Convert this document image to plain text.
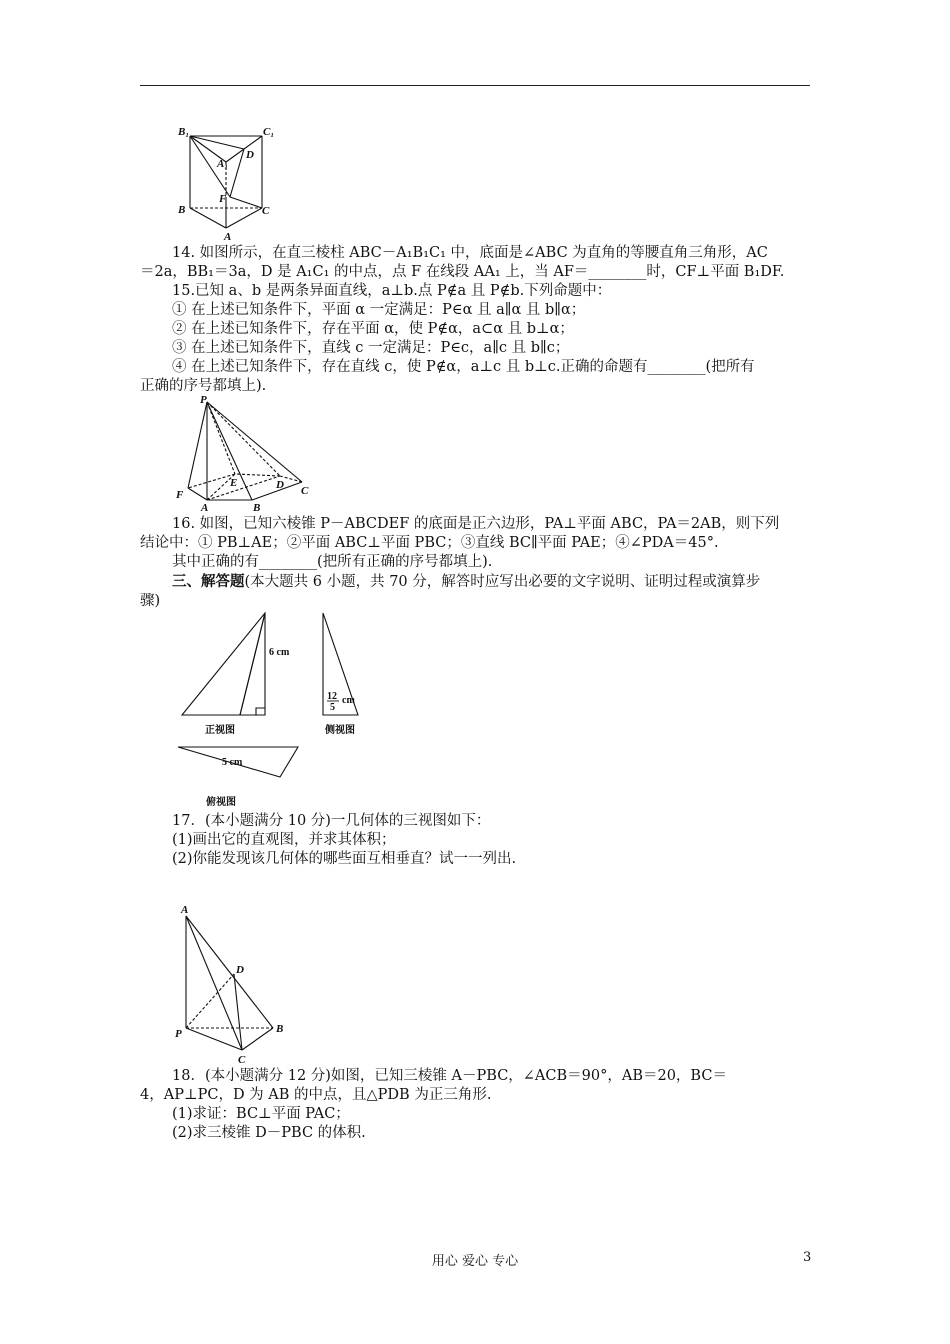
B₁	C₁
A₁
D
F
B	C
A
14. 如图所示，在直三棱柱 ABC－A₁B₁C₁ 中，底面是∠ABC 为直角的等腰直角三角形，AC
＝2a，BB₁＝3a，D 是 A₁C₁ 的中点，点 F 在线段 AA₁ 上，当 AF＝________时，CF⊥平面 B₁DF.
15.已知 a、b 是两条异面直线，a⊥b.点 P∉a 且 P∉b.下列命题中：
① 在上述已知条件下，平面 α 一定满足：P∈α 且 a∥α 且 b∥α；
② 在上述已知条件下，存在平面 α，使 P∉α，a⊂α 且 b⊥α；
③ 在上述已知条件下，直线 c 一定满足：P∈c，a∥c 且 b∥c；
④ 在上述已知条件下，存在直线 c，使 P∉α，a⊥c 且 b⊥c.正确的命题有________(把所有
正确的序号都填上).
P
F
A	B
E	D C
16. 如图，已知六棱锥 P－ABCDEF 的底面是正六边形，PA⊥平面 ABC，PA＝2AB，则下列
结论中：① PB⊥AE；②平面 ABC⊥平面 PBC；③直线 BC∥平面 PAE；④∠PDA＝45°.
其中正确的有________(把所有正确的序号都填上).
三、解答题(本大题共 6 小题，共 70 分，解答时应写出必要的文字说明、证明过程或演算步
骤)
6 cm
正视图
12
5
cm
侧视图
5 cm
俯视图
17．(本小题满分 10 分)一几何体的三视图如下：
(1)画出它的直观图，并求其体积；
(2)你能发现该几何体的哪些面互相垂直？试一一列出.
A
D
P	B
C
18．(本小题满分 12 分)如图，已知三棱锥 A－PBC，∠ACB＝90°，AB＝20，BC＝
4，AP⊥PC，D 为 AB 的中点，且△PDB 为正三角形.
(1)求证：BC⊥平面 PAC；
(2)求三棱锥 D－PBC 的体积.
用心 爱心 专心	3
